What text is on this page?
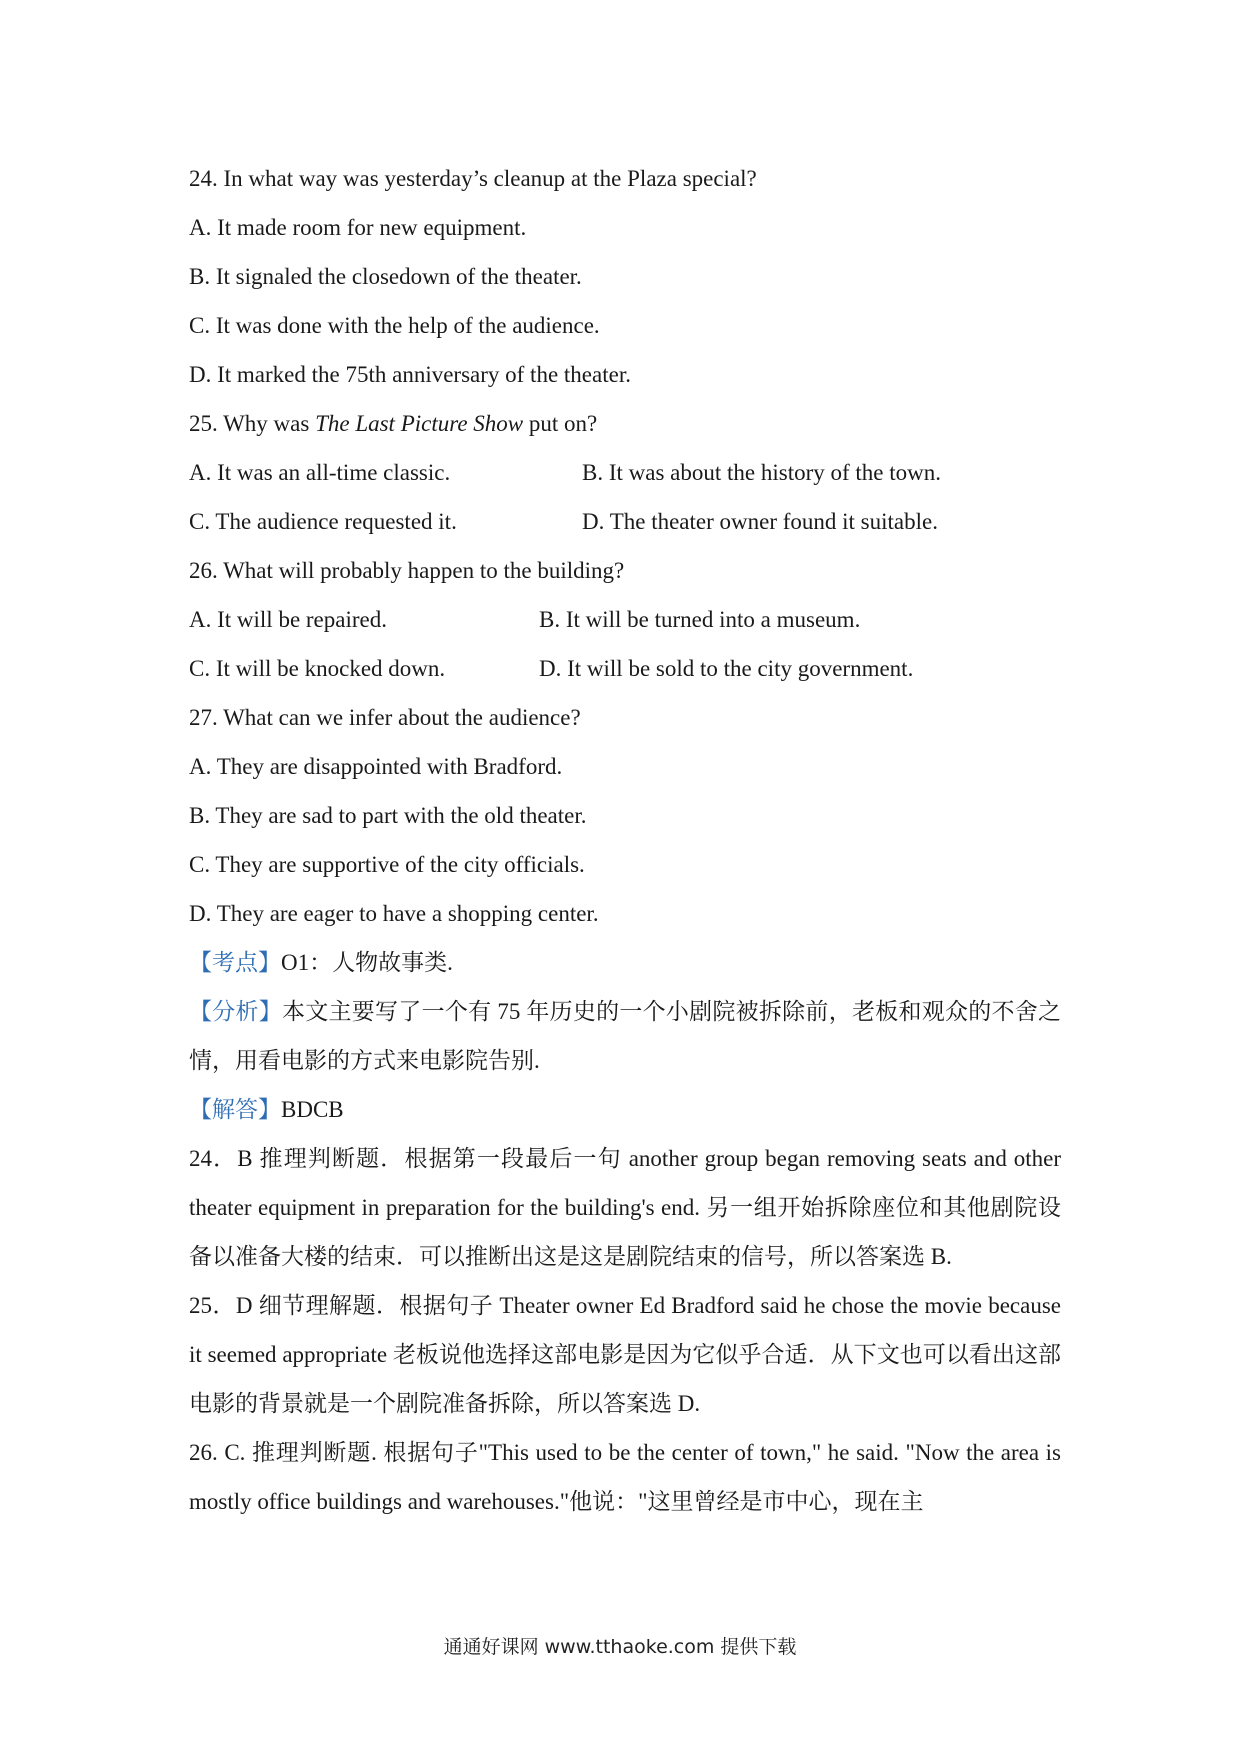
24. In what way was yesterday’s cleanup at the Plaza special?

A. It made room for new equipment.

B. It signaled the closedown of the theater.

C. It was done with the help of the audience.

D. It marked the 75th anniversary of the theater.

25. Why was The Last Picture Show put on?

A. It was an all-time classic.	B. It was about the history of the town.
C. The audience requested it.	D. The theater owner found it suitable.

26. What will probably happen to the building?

A. It will be repaired.	B. It will be turned into a museum.
C. It will be knocked down.	D. It will be sold to the city government.

27. What can we infer about the audience?

A. They are disappointed with Bradford.

B. They are sad to part with the old theater.

C. They are supportive of the city officials.

D. They are eager to have a shopping center.

【考点】O1：人物故事类.

【分析】本文主要写了一个有 75 年历史的一个小剧院被拆除前，老板和观众的不舍之情，用看电影的方式来电影院告别.

【解答】BDCB

24．B 推理判断题．根据第一段最后一句 another group began removing seats and other theater equipment in preparation for the building's end. 另一组开始拆除座位和其他剧院设备以准备大楼的结束．可以推断出这是这是剧院结束的信号，所以答案选 B.

25．D 细节理解题．根据句子 Theater owner Ed Bradford said he chose the movie because it seemed appropriate 老板说他选择这部电影是因为它似乎合适．从下文也可以看出这部电影的背景就是一个剧院准备拆除，所以答案选 D.

26. C. 推理判断题. 根据句子"This used to be the center of town," he said. "Now the area is mostly office buildings and warehouses."他说："这里曾经是市中心，现在主

通通好课网 www.tthaoke.com 提供下载
